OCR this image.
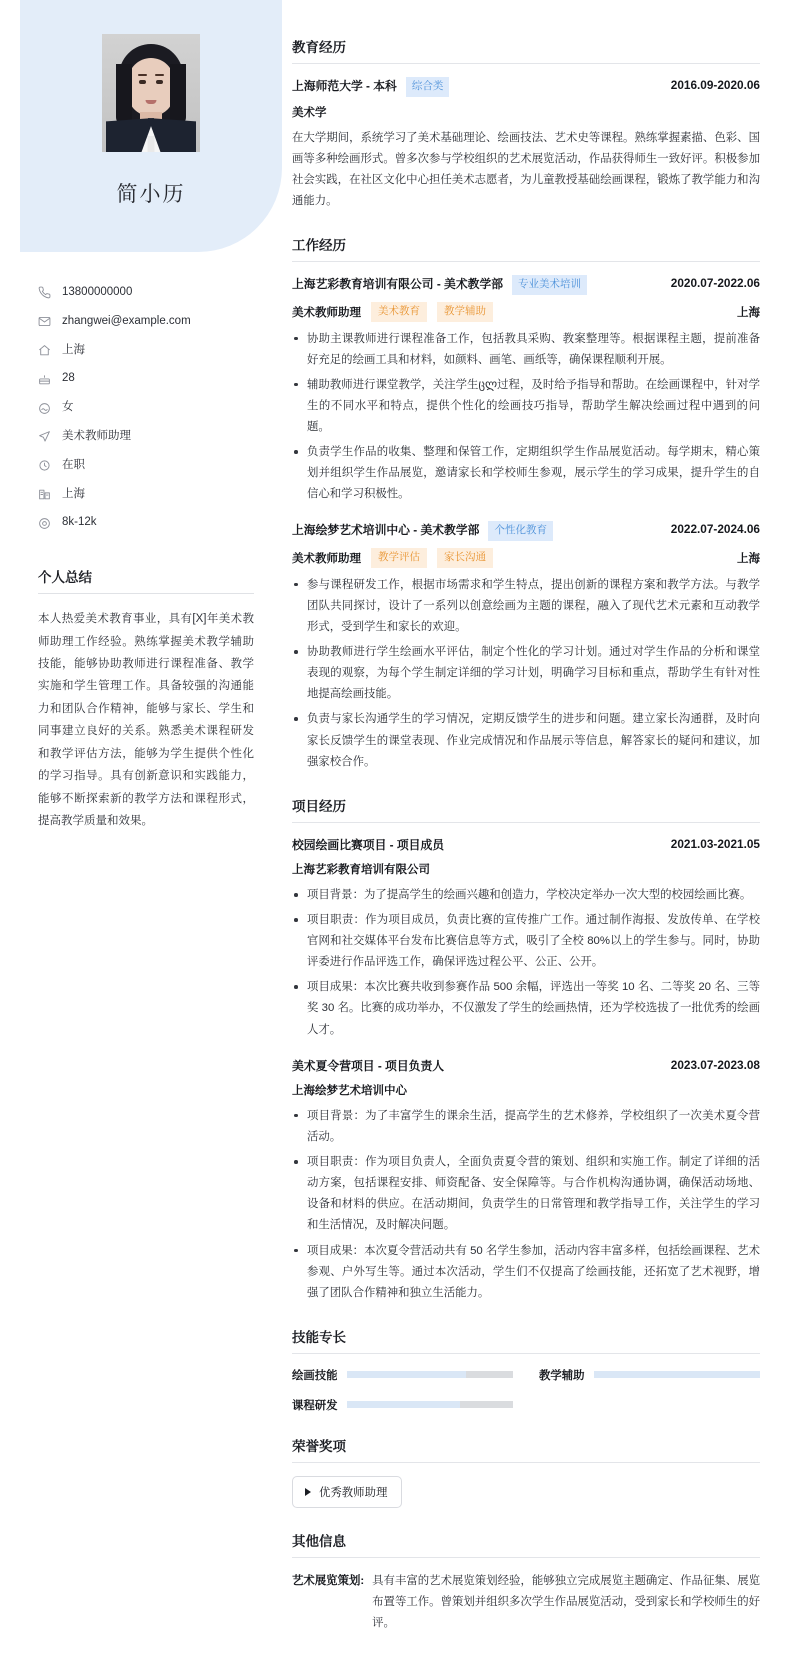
简小历
13800000000
zhangwei@example.com
上海
28
女
美术教师助理
在职
上海
8k-12k
个人总结
本人热爱美术教育事业，具有[X]年美术教师助理工作经验。熟练掌握美术教学辅助技能，能够协助教师进行课程准备、教学实施和学生管理工作。具备较强的沟通能力和团队合作精神，能够与家长、学生和同事建立良好的关系。熟悉美术课程研发和教学评估方法，能够为学生提供个性化的学习指导。具有创新意识和实践能力，能够不断探索新的教学方法和课程形式，提高教学质量和效果。
教育经历
上海师范大学 - 本科	综合类	2016.09-2020.06
美术学
在大学期间，系统学习了美术基础理论、绘画技法、艺术史等课程。熟练掌握素描、色彩、国画等多种绘画形式。曾多次参与学校组织的艺术展览活动，作品获得师生一致好评。积极参加社会实践，在社区文化中心担任美术志愿者，为儿童教授基础绘画课程，锻炼了教学能力和沟通能力。
工作经历
上海艺彩教育培训有限公司 - 美术教学部	专业美术培训	2020.07-2022.06
美术教师助理	美术教育	教学辅助	上海
协助主课教师进行课程准备工作，包括教具采购、教案整理等。根据课程主题，提前准备好充足的绘画工具和材料，如颜料、画笔、画纸等，确保课程顺利开展。
辅助教师进行课堂教学，关注学生ცლ过程，及时给予指导和帮助。在绘画课程中，针对学生的不同水平和特点，提供个性化的绘画技巧指导，帮助学生解决绘画过程中遇到的问题。
负责学生作品的收集、整理和保管工作，定期组织学生作品展览活动。每学期末，精心策划并组织学生作品展览，邀请家长和学校师生参观，展示学生的学习成果，提升学生的自信心和学习积极性。
上海绘梦艺术培训中心 - 美术教学部	个性化教育	2022.07-2024.06
美术教师助理	教学评估	家长沟通	上海
参与课程研发工作，根据市场需求和学生特点，提出创新的课程方案和教学方法。与教学团队共同探讨，设计了一系列以创意绘画为主题的课程，融入了现代艺术元素和互动教学形式，受到学生和家长的欢迎。
协助教师进行学生绘画水平评估，制定个性化的学习计划。通过对学生作品的分析和课堂表现的观察，为每个学生制定详细的学习计划，明确学习目标和重点，帮助学生有针对性地提高绘画技能。
负责与家长沟通学生的学习情况，定期反馈学生的进步和问题。建立家长沟通群，及时向家长反馈学生的课堂表现、作业完成情况和作品展示等信息，解答家长的疑问和建议，加强家校合作。
项目经历
校园绘画比赛项目 - 项目成员	2021.03-2021.05
上海艺彩教育培训有限公司
项目背景：为了提高学生的绘画兴趣和创造力，学校决定举办一次大型的校园绘画比赛。
项目职责：作为项目成员，负责比赛的宣传推广工作。通过制作海报、发放传单、在学校官网和社交媒体平台发布比赛信息等方式，吸引了全校 80%以上的学生参与。同时，协助评委进行作品评选工作，确保评选过程公平、公正、公开。
项目成果：本次比赛共收到参赛作品 500 余幅，评选出一等奖 10 名、二等奖 20 名、三等奖 30 名。比赛的成功举办，不仅激发了学生的绘画热情，还为学校选拔了一批优秀的绘画人才。
美术夏令营项目 - 项目负责人	2023.07-2023.08
上海绘梦艺术培训中心
项目背景：为了丰富学生的课余生活，提高学生的艺术修养，学校组织了一次美术夏令营活动。
项目职责：作为项目负责人，全面负责夏令营的策划、组织和实施工作。制定了详细的活动方案，包括课程安排、师资配备、安全保障等。与合作机构沟通协调，确保活动场地、设备和材料的供应。在活动期间，负责学生的日常管理和教学指导工作，关注学生的学习和生活情况，及时解决问题。
项目成果：本次夏令营活动共有 50 名学生参加，活动内容丰富多样，包括绘画课程、艺术参观、户外写生等。通过本次活动，学生们不仅提高了绘画技能，还拓宽了艺术视野，增强了团队合作精神和独立生活能力。
技能专长
绘画技能	教学辅助
课程研发
荣誉奖项
优秀教师助理
其他信息
艺术展览策划: 具有丰富的艺术展览策划经验，能够独立完成展览主题确定、作品征集、展览布置等工作。曾策划并组织多次学生作品展览活动，受到家长和学校师生的好评。
